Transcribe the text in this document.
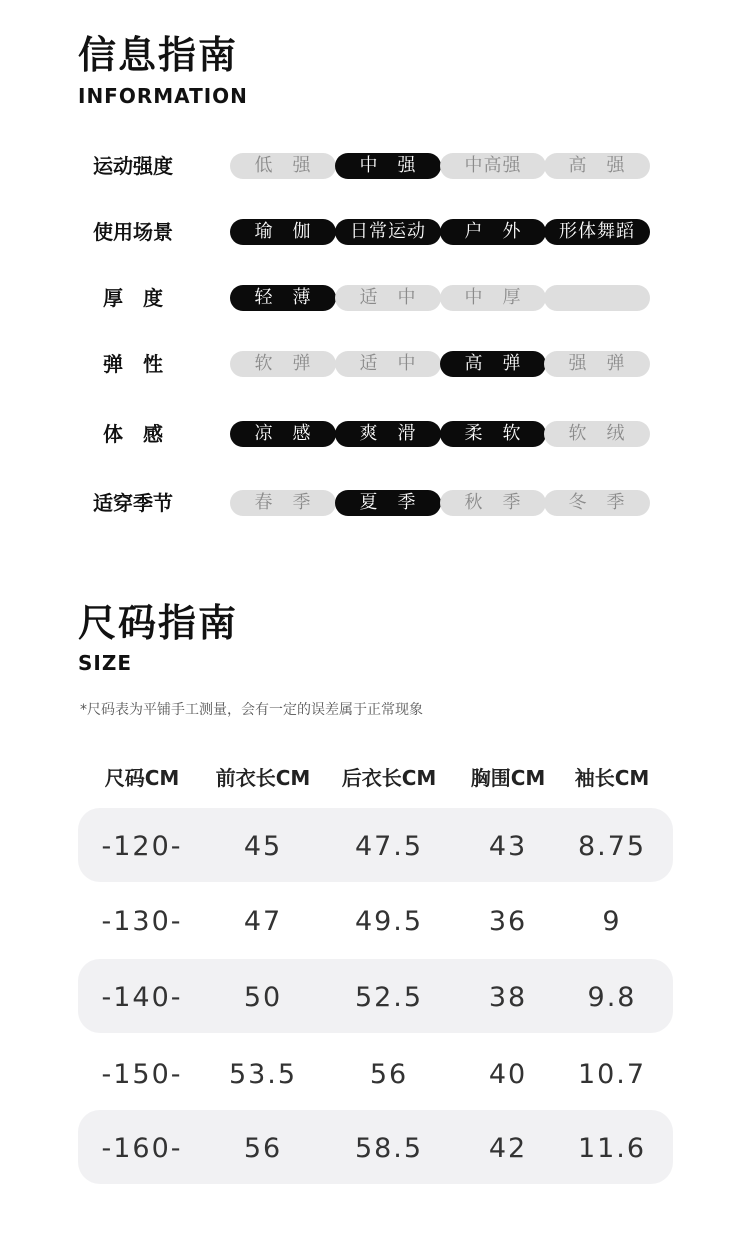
信息指南
INFORMATION
运动强度	低　强	中　强	中高强	高　强
使用场景	瑜　伽	日常运动	户　外	形体舞蹈
厚　度	轻　薄	适　中	中　厚
弹　性	软　弹	适　中	高　弹	强　弹
体　感	凉　感	爽　滑	柔　软	软　绒
适穿季节	春　季	夏　季	秋　季	冬　季
尺码指南
SIZE
*尺码表为平铺手工测量，会有一定的误差属于正常现象
尺码CM	前衣长CM	后衣长CM	胸围CM	袖长CM
-120-	45	47.5	43	8.75
-130-	47	49.5	36	9
-140-	50	52.5	38	9.8
-150-	53.5	56	40	10.7
-160-	56	58.5	42	11.6
